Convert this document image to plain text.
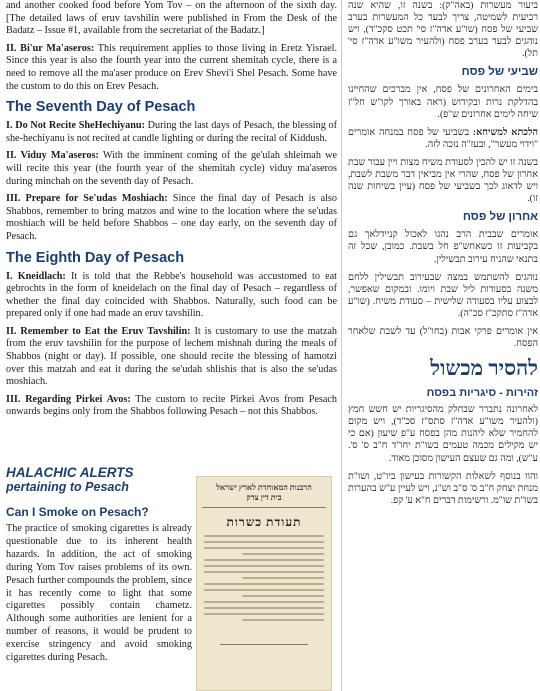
and another cooked food before Yom Tov – on the afternoon of the sixth day. [The detailed laws of eruv tavshilin were published in From the Desk of the Badatz – Issue #1, available from the secretariat of the Badatz.]
II. Bi'ur Ma'aseros: This requirement applies to those living in Eretz Yisrael. Since this year is also the fourth year into the current shemitah cycle, there is a need to remove all the ma'aser produce on Erev Shevi'i Shel Pesach. Some have the custom to do this on Erev Pesach.
The Seventh Day of Pesach
I. Do Not Recite SheHechiyanu: During the last days of Pesach, the blessing of she-hechiyanu is not recited at candle lighting or during the recital of Kiddush.
II. Viduy Ma'aseros: With the imminent coming of the ge'ulah shleimah we will recite this year (the fourth year of the shemitah cycle) viduy ma'aseros during minchah on the seventh day of Pesach.
III. Prepare for Se'udas Moshiach: Since the final day of Pesach is also Shabbos, remember to bring matzos and wine to the location where the se'udas moshiach will be held before Shabbos – one day early, on the seventh day of Pesach.
The Eighth Day of Pesach
I. Kneidlach: It is told that the Rebbe's household was accustomed to eat gebrochts in the form of kneidelach on the final day of Pesach – regardless of whether the final day coincided with Shabbos. Naturally, such food can be prepared only if one had made an eruv tavshilin.
II. Remember to Eat the Eruv Tavshilin: It is customary to use the matzah from the eruv tavshilin for the purpose of lechem mishnah during the meals of Shabbos (night or day). If possible, one should recite the blessing of hamotzi over this matzah and eat it during the se'udah shlishis that is also the se'udas moshiach.
III. Regarding Pirkei Avos: The custom to recite Pirkei Avos from Pesach onwards begins only from the Shabbos following Pesach – not this Shabbos.
HALACHIC ALERTS
pertaining to Pesach
Can I Smoke on Pesach?
The practice of smoking cigarettes is already questionable due to its inherent health hazards. In addition, the act of smoking during Yom Tov raises problems of its own. Pesach further compounds the problem, since it has recently come to light that some cigarettes possibly contain chametz. Although some authorities are lenient for a number of reasons, it would be prudent to exercise stringency and avoid smoking cigarettes during Pesach.
הרבנות המאוחדת לארץ ישראל
בית דין צדק
תעודת כשרות
ביעור מעשרות (באה"ק): בשנה זו, שהיא שנה רביעית לשמיטה, צריך לבער כל המעשרות בערב שביעי של פסח (שו"ע אדה"ז סי' תכט סקכ"ד), ויש נוהגים לבער בערב פסח (ולהעיר משו"ע אדה"ז סי' תל).
שביעי של פסח
בימים האחרונים של פסח, אין מברכים שהחיינו בהדלקת נרות ובקידוש (ראה באורך לקו"ש חל"ז שיחה לימים אחרונים ש"פ).
הלכתא למשיחא: בשביעי של פסח במנחה אומרים "וידוי מעשר", ובעז"ה נזכה לזה.
בשנה זו יש להכין לסעודת משיח מצות ויין עבור שבת אחרון של פסח, שהרי אין מביאין דבר משבת לשבת, ויש לדאוג לכך בשביעי של פסח (עיין בשיחות שנה זו).
אחרון של פסח
אומרים שבבית הרב נהגו לאכול קניידלאך גם בקביעות זו כשאחש"פ חל בשבת. כמובן, שכל זה בתנאי שהניח עירוב תבשילין.
נוהגים להשתמש במצה שבעירוב תבשילין ללחם משנה בסעודות ליל שבת ויומו. ובמקום שאפשר, לבצוע עליו בסעודה שלישית – סעודת משיח. (שו"ע אדה"ז סתקכ"ז סכ"ה).
אין אומרים פרקי אבות (בחו"ל) עד לשבת שלאחר הפסח.
להסיר מכשול
זהירות - סיגריות בפסח
לאחרונה נתברר שבחלק מהסיגריות יש חשש חמץ (ולהעיר משו"ע אדה"ז סתס"ז סכ"ד), ויש מקום להחמיר שלא ליהנות מהן בפסח ע"פ שיעון (אם כי יש מקילים מכמה טעמים בשו"ת יחו"ד ח"ב ס' ס'. ע"ש), ומה גם שעצם העישון מסוכן מאוד.
והוו בנוסף לשאלות הקשורות בעישון ביו"ט, ושו"ת מנחת יצחק ח"ב ס' ס"ב וש"נ, ויש לעיין ע"ש בהערות בשו"ת שו"מ. ורשימות דברים ח"א ע' קפ.
